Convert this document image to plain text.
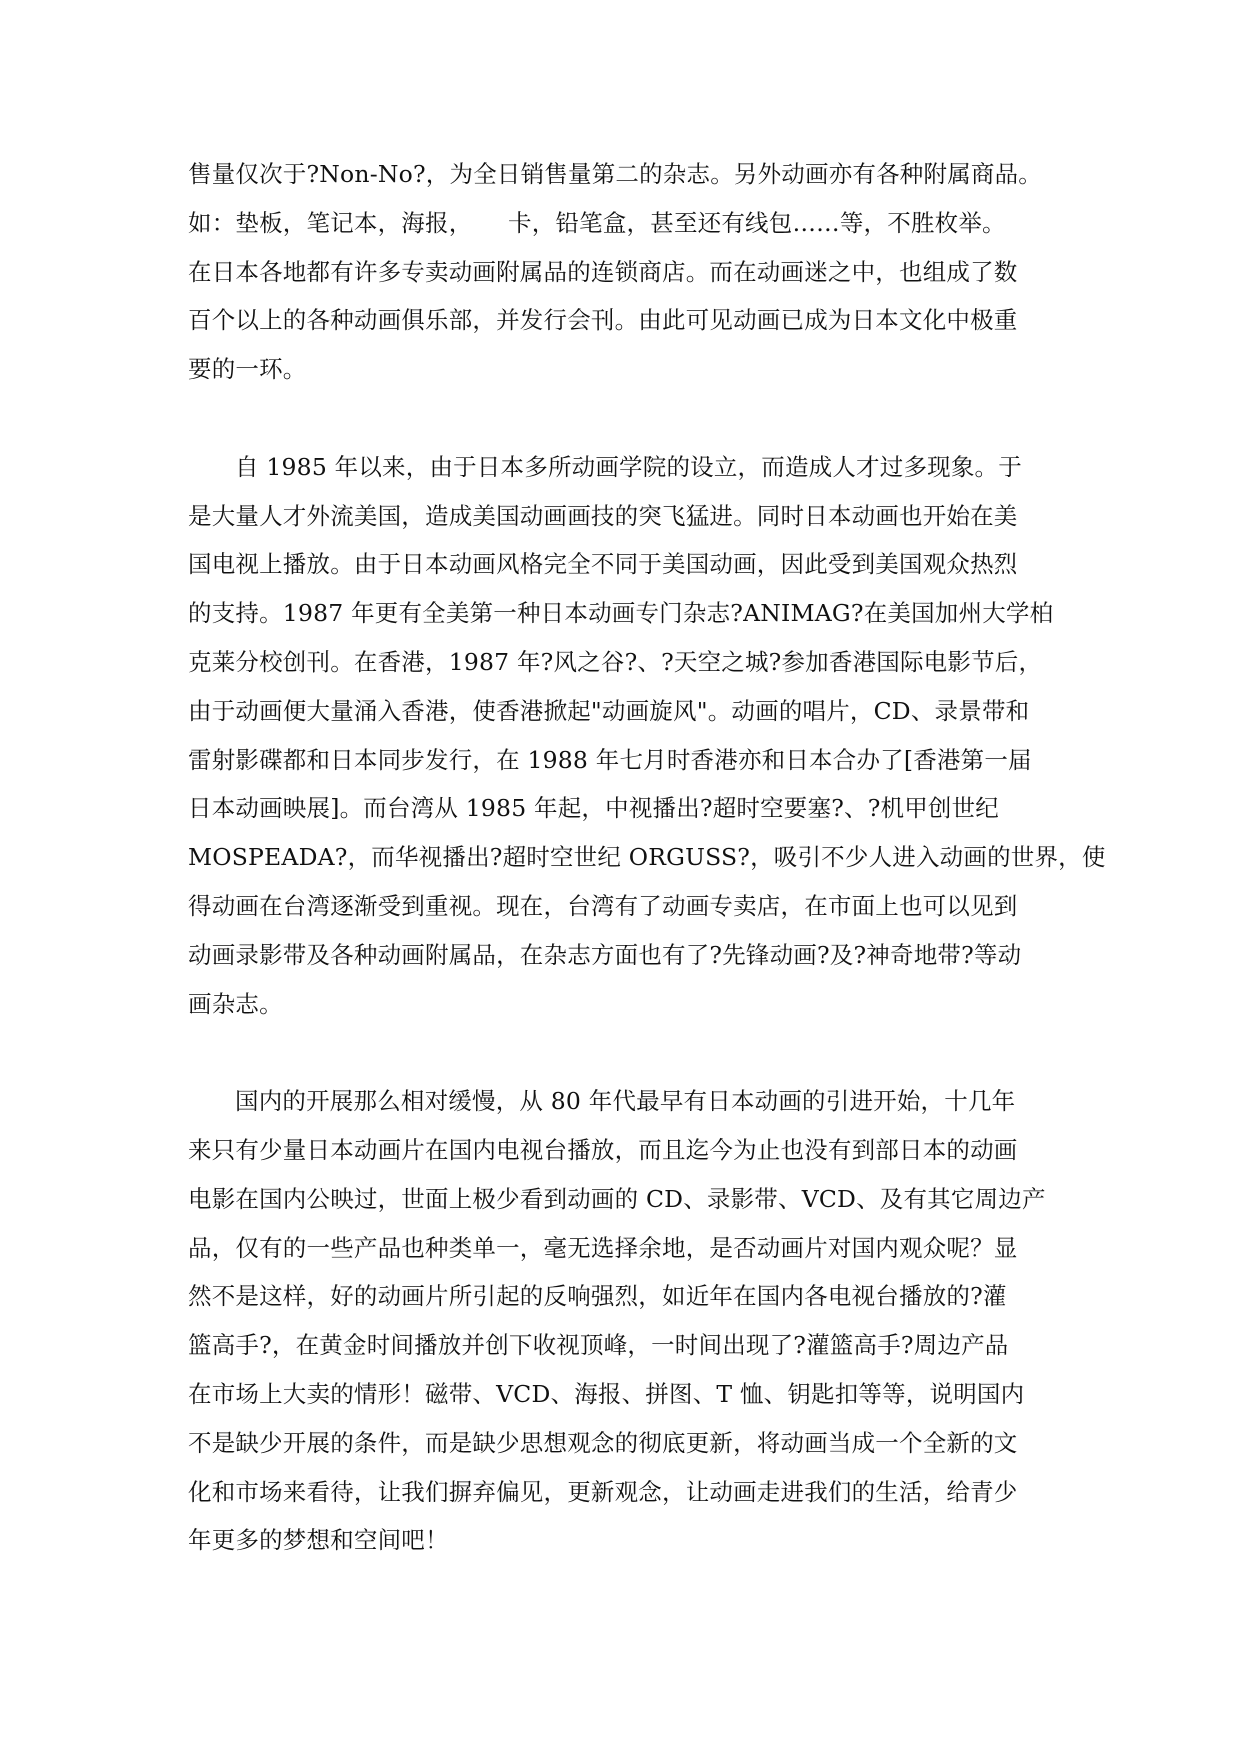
售量仅次于?Non-No?，为全日销售量第二的杂志。另外动画亦有各种附属商品。
如：垫板，笔记本，海报，　　卡，铅笔盒，甚至还有线包……等，不胜枚举。
在日本各地都有许多专卖动画附属品的连锁商店。而在动画迷之中，也组成了数
百个以上的各种动画俱乐部，并发行会刊。由此可见动画已成为日本文化中极重
要的一环。
自 1985 年以来，由于日本多所动画学院的设立，而造成人才过多现象。于
是大量人才外流美国，造成美国动画画技的突飞猛进。同时日本动画也开始在美
国电视上播放。由于日本动画风格完全不同于美国动画，因此受到美国观众热烈
的支持。1987 年更有全美第一种日本动画专门杂志?ANIMAG?在美国加州大学柏
克莱分校创刊。在香港，1987 年?风之谷?、?天空之城?参加香港国际电影节后，
由于动画便大量涌入香港，使香港掀起"动画旋风"。动画的唱片，CD、录景带和
雷射影碟都和日本同步发行，在 1988 年七月时香港亦和日本合办了[香港第一届
日本动画映展]。而台湾从 1985 年起，中视播出?超时空要塞?、?机甲创世纪
MOSPEADA?，而华视播出?超时空世纪 ORGUSS?，吸引不少人进入动画的世界，使
得动画在台湾逐渐受到重视。现在，台湾有了动画专卖店，在市面上也可以见到
动画录影带及各种动画附属品，在杂志方面也有了?先锋动画?及?神奇地带?等动
画杂志。
国内的开展那么相对缓慢，从 80 年代最早有日本动画的引进开始，十几年
来只有少量日本动画片在国内电视台播放，而且迄今为止也没有到部日本的动画
电影在国内公映过，世面上极少看到动画的 CD、录影带、VCD、及有其它周边产
品，仅有的一些产品也种类单一，毫无选择余地，是否动画片对国内观众呢？显
然不是这样，好的动画片所引起的反响强烈，如近年在国内各电视台播放的?灌
篮高手?，在黄金时间播放并创下收视顶峰，一时间出现了?灌篮高手?周边产品
在市场上大卖的情形！磁带、VCD、海报、拼图、T 恤、钥匙扣等等，说明国内
不是缺少开展的条件，而是缺少思想观念的彻底更新，将动画当成一个全新的文
化和市场来看待，让我们摒弃偏见，更新观念，让动画走进我们的生活，给青少
年更多的梦想和空间吧！
